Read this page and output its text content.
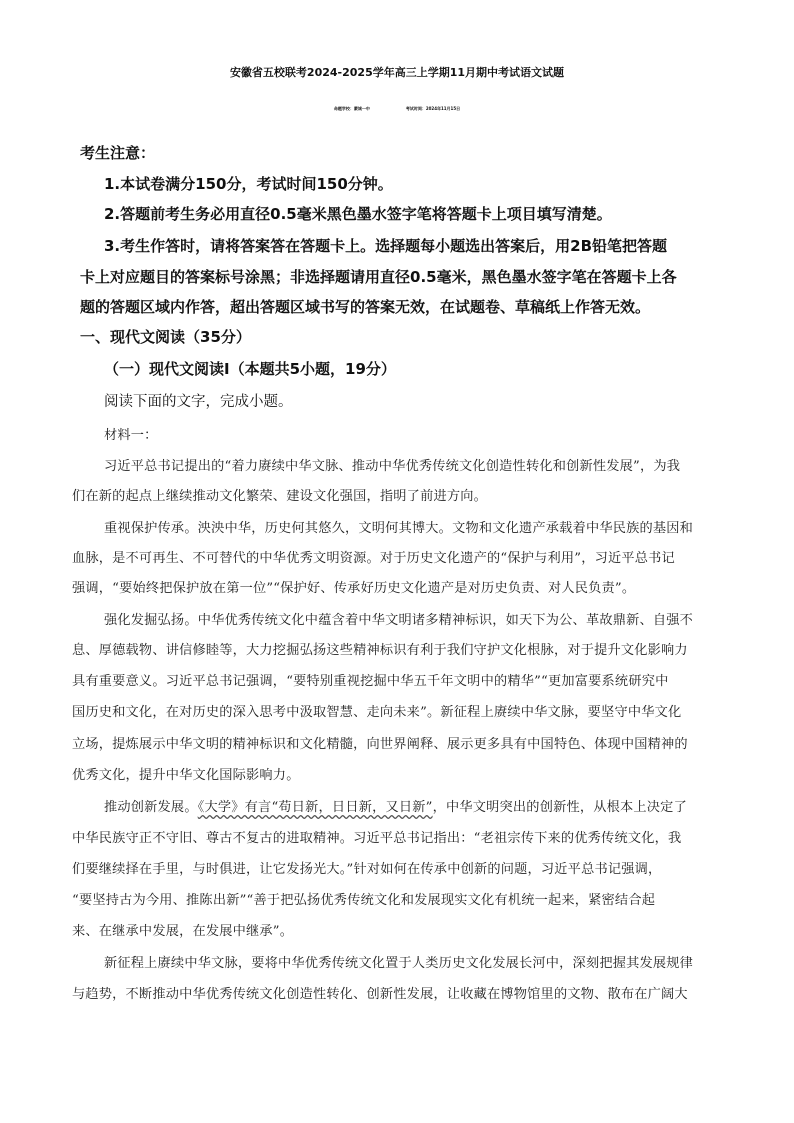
安徽省五校联考2024-2025学年高三上学期11月期中考试语文试题
命题学校：蒙城一中	考试时间：2024年11月15日
考生注意：
1.本试卷满分150分，考试时间150分钟。
2.答题前考生务必用直径0.5毫米黑色墨水签字笔将答题卡上项目填写清楚。
3.考生作答时，请将答案答在答题卡上。选择题每小题选出答案后，用2B铅笔把答题
卡上对应题目的答案标号涂黑；非选择题请用直径0.5毫米，黑色墨水签字笔在答题卡上各
题的答题区域内作答，超出答题区域书写的答案无效，在试题卷、草稿纸上作答无效。
一、现代文阅读（35分）
（一）现代文阅读Ⅰ（本题共5小题，19分）
阅读下面的文字，完成小题。
材料一：
习近平总书记提出的“着力赓续中华文脉、推动中华优秀传统文化创造性转化和创新性发展”，为我
们在新的起点上继续推动文化繁荣、建设文化强国，指明了前进方向。
重视保护传承。泱泱中华，历史何其悠久，文明何其博大。文物和文化遗产承载着中华民族的基因和
血脉，是不可再生、不可替代的中华优秀文明资源。对于历史文化遗产的“保护与利用”，习近平总书记
强调，“要始终把保护放在第一位”“保护好、传承好历史文化遗产是对历史负责、对人民负责”。
强化发掘弘扬。中华优秀传统文化中蕴含着中华文明诸多精神标识，如天下为公、革故鼎新、自强不
息、厚德载物、讲信修睦等，大力挖掘弘扬这些精神标识有利于我们守护文化根脉，对于提升文化影响力
具有重要意义。习近平总书记强调，“要特别重视挖掘中华五千年文明中的精华”“更加富要系统研究中
国历史和文化，在对历史的深入思考中汲取智慧、走向未来”。新征程上赓续中华文脉，要坚守中华文化
立场，提炼展示中华文明的精神标识和文化精髓，向世界阐释、展示更多具有中国特色、体现中国精神的
优秀文化，提升中华文化国际影响力。
推动创新发展。《大学》有言“苟日新，日日新，又日新”，中华文明突出的创新性，从根本上决定了
中华民族守正不守旧、尊古不复古的进取精神。习近平总书记指出：“老祖宗传下来的优秀传统文化，我
们要继续择在手里，与时俱进，让它发扬光大。”针对如何在传承中创新的问题，习近平总书记强调，
“要坚持古为今用、推陈出新”“善于把弘扬优秀传统文化和发展现实文化有机统一起来，紧密结合起
来、在继承中发展，在发展中继承”。
新征程上赓续中华文脉，要将中华优秀传统文化置于人类历史文化发展长河中，深刻把握其发展规律
与趋势，不断推动中华优秀传统文化创造性转化、创新性发展，让收藏在博物馆里的文物、散布在广阔大
